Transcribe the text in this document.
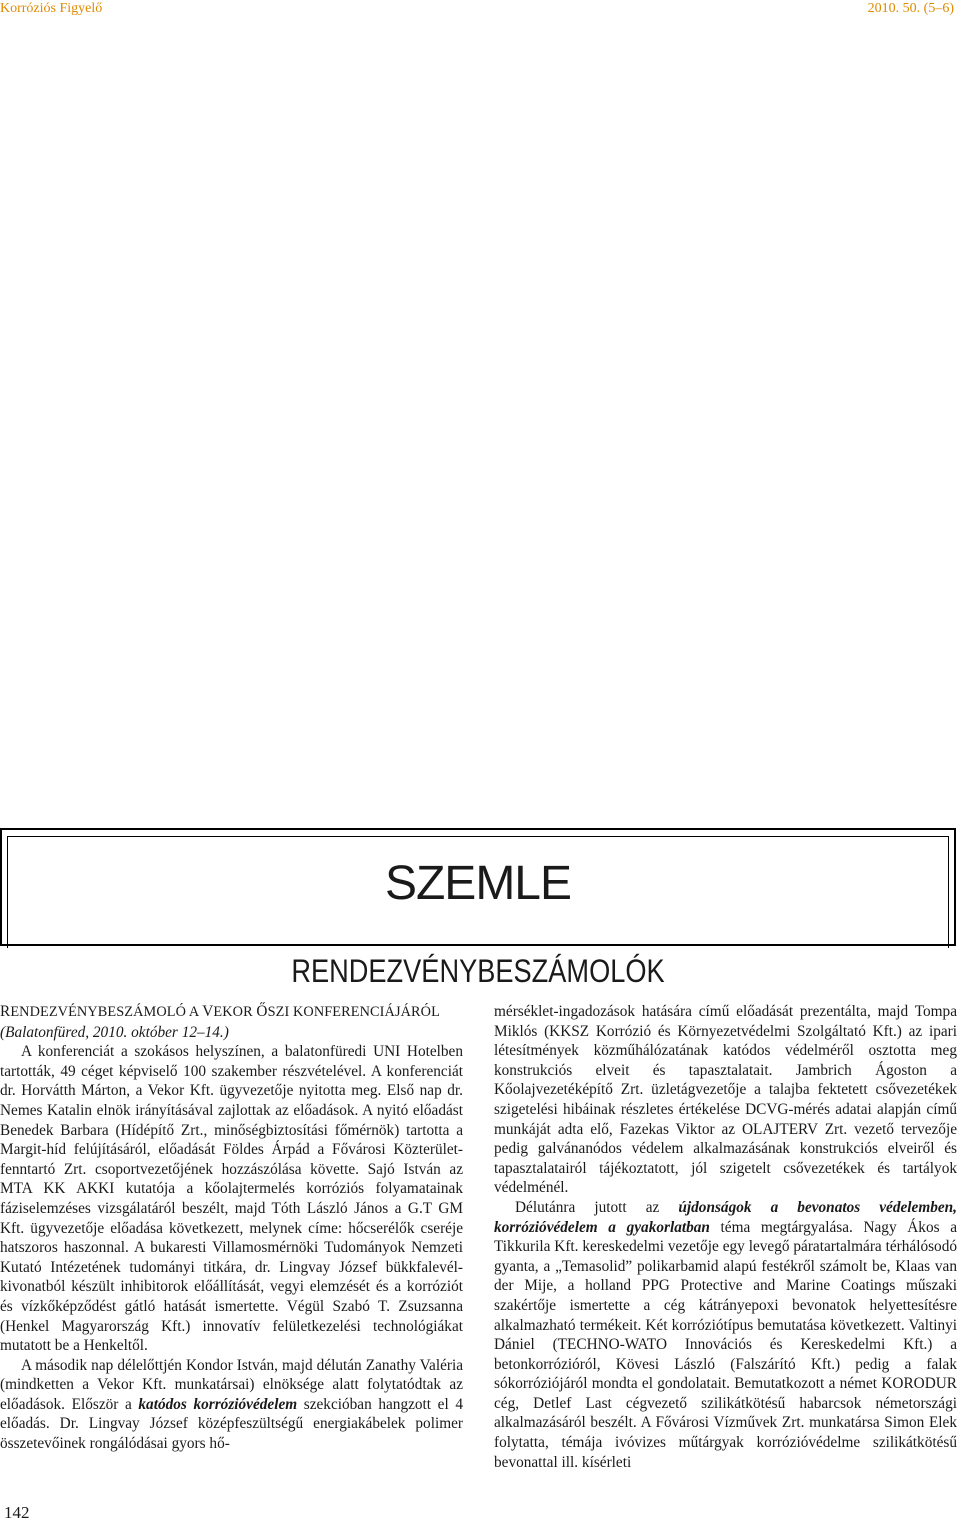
Korróziós Figyelő	2010. 50. (5–6)
SZEMLE
RENDEZVÉNYBESZÁMOLÓK

RENDEZVÉNYBESZÁMOLÓ A VEKOR ŐSZI KONFERENCIÁJÁRÓL

(Balatonfüred, 2010. október 12–14.)

A konferenciát a szokásos helyszínen, a balatonfüredi UNI Hotelben tartották, 49 céget képviselő 100 szakember részvételével. A konferenciát dr. Horvátth Márton, a Vekor Kft. ügyvezetője nyitotta meg. Első nap dr. Nemes Katalin elnök irányításával zajlottak az előadások. A nyitó előadást Benedek Barbara (Hídépítő Zrt., minőségbiztosítási főmérnök) tartotta a Margit-híd felújításáról, előadását Földes Árpád a Fővárosi Közterület-fenntartó Zrt. csoportvezetőjének hozzászólása követte. Sajó István az MTA KK AKKI kutatója a kőolajtermelés korróziós folyamatainak fáziselemzéses vizsgálatáról beszélt, majd Tóth László János a G.T GM Kft. ügyvezetője előadása következett, melynek címe: hőcserélők cseréje hatszoros haszonnal. A bukaresti Villamosmérnöki Tudományok Nemzeti Kutató Intézetének tudományi titkára, dr. Lingvay József bükkfalevél-kivonatból készült inhibitorok előállítását, vegyi elemzését és a korróziót és vízkőképződést gátló hatását ismertette. Végül Szabó T. Zsuzsanna (Henkel Magyarország Kft.) innovatív felületkezelési technológiákat mutatott be a Henkeltől.

A második nap délelőttjén Kondor István, majd délután Zanathy Valéria (mindketten a Vekor Kft. munkatársai) elnöksége alatt folytatódtak az előadások. Először a katódos korrózióvédelem szekcióban hangzott el 4 előadás. Dr. Lingvay József középfeszültségű energiakábelek polimer összetevőinek rongálódásai gyors hő-

mérséklet-ingadozások hatására című előadását prezentálta, majd Tompa Miklós (KKSZ Korrózió és Környezetvédelmi Szolgáltató Kft.) az ipari létesítmények közműhálózatának katódos védelméről osztotta meg konstrukciós elveit és tapasztalatait. Jambrich Ágoston a Kőolajvezetéképítő Zrt. üzletágvezetője a talajba fektetett csővezetékek szigetelési hibáinak részletes értékelése DCVG-mérés adatai alapján című munkáját adta elő, Fazekas Viktor az OLAJTERV Zrt. vezető tervezője pedig galvánanódos védelem alkalmazásának konstrukciós elveiről és tapasztalatairól tájékoztatott, jól szigetelt csővezetékek és tartályok védelménél.

Délutánra jutott az újdonságok a bevonatos védelemben, korrózióvédelem a gyakorlatban téma megtárgyalása. Nagy Ákos a Tikkurila Kft. kereskedelmi vezetője egy levegő páratartalmára térhálósodó gyanta, a „Temasolid” polikarbamid alapú festékről számolt be, Klaas van der Mije, a holland PPG Protective and Marine Coatings műszaki szakértője ismertette a cég kátrányepoxi bevonatok helyettesítésre alkalmazható termékeit. Két korróziótípus bemutatása következett. Valtinyi Dániel (TECHNO-WATO Innovációs és Kereskedelmi Kft.) a betonkorrózióról, Kövesi László (Falszárító Kft.) pedig a falak sókorróziójáról mondta el gondolatait. Bemutatkozott a német KORODUR cég, Detlef Last cégvezető szilikátkötésű habarcsok németországi alkalmazásáról beszélt. A Fővárosi Vízművek Zrt. munkatársa Simon Elek folytatta, témája ivóvizes műtárgyak korrózióvédelme szilikátkötésű bevonattal ill. kísérleti

142
